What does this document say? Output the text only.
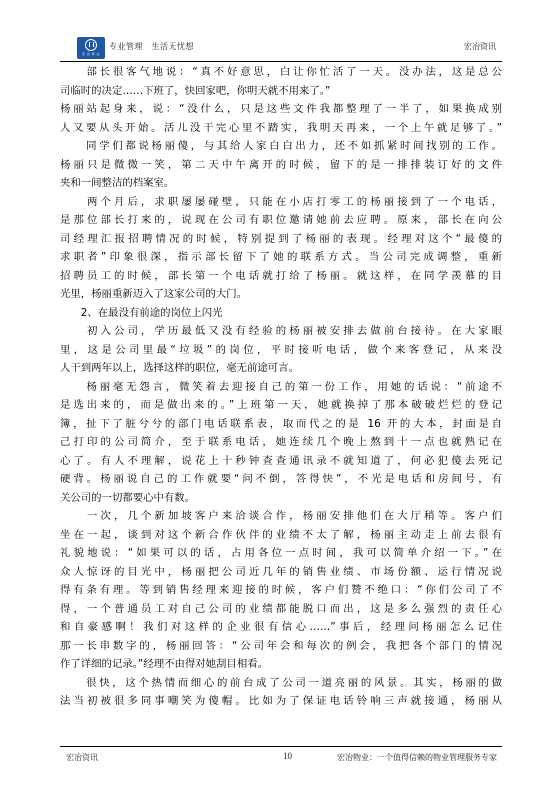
宏 冶 物 业
专业管理　生活无忧想	宏冶资讯
　　部长很客气地说：“真不好意思，白让你忙活了一天。没办法，这是总公
司临时的决定……下班了，快回家吧，你明天就不用来了。”
杨丽站起身来，说：“没什么，只是这些文件我都整理了一半了，如果换成别
人又要从头开始。活儿没干完心里不踏实，我明天再来，一个上午就足够了。”
　　同学们都说杨丽傻，与其给人家白白出力，还不如抓紧时间找别的工作。
杨丽只是微微一笑，第二天中午离开的时候，留下的是一排排装订好的文件
夹和一间整洁的档案室。
　　两个月后，求职屡屡碰壁，只能在小店打零工的杨丽接到了一个电话，
是那位部长打来的，说现在公司有职位邀请她前去应聘。原来，部长在向公
司经理汇报招聘情况的时候，特别提到了杨丽的表现。经理对这个“最傻的
求职者”印象很深，指示部长留下了她的联系方式。当公司完成调整，重新
招聘员工的时候，部长第一个电话就打给了杨丽。就这样，在同学羡慕的目
光里，杨丽重新迈入了这家公司的大门。
　　2、在最没有前途的岗位上闪光
　　初入公司，学历最低又没有经验的杨丽被安排去做前台接待。在大家眼
里，这是公司里最“垃圾”的岗位，平时接听电话，做个来客登记，从来没
人干到两年以上，选择这样的职位，毫无前途可言。
　　杨丽毫无怨言，微笑着去迎接自己的第一份工作，用她的话说：“前途不
是选出来的，而是做出来的。”上班第一天，她就换掉了那本破破烂烂的登记
簿，扯下了脏兮兮的部门电话联系表，取而代之的是 16 开的大本，封面是自
己打印的公司简介，至于联系电话，她连续几个晚上熬到十一点也就熟记在
心了。有人不理解，说花上十秒钟查查通讯录不就知道了，何必犯傻去死记
硬背。杨丽说自己的工作就要“问不倒，答得快”，不光是电话和房间号，有
关公司的一切都要心中有数。
　　一次，几个新加坡客户来洽谈合作，杨丽安排他们在大厅稍等。客户们
坐在一起，谈到对这个新合作伙伴的业绩不太了解，杨丽主动走上前去很有
礼貌地说：“如果可以的话，占用各位一点时间，我可以简单介绍一下。”在
众人惊讶的目光中，杨丽把公司近几年的销售业绩、市场份额、运行情况说
得有条有理。等到销售经理来迎接的时候，客户们赞不绝口：“你们公司了不
得，一个普通员工对自己公司的业绩都能脱口而出，这是多么强烈的责任心
和自豪感啊！我们对这样的企业很有信心……”事后，经理问杨丽怎么记住
那一长串数字的，杨丽回答：“公司年会和每次的例会，我把各个部门的情况
作了详细的记录。”经理不由得对她刮目相看。
　　很快，这个热情而细心的前台成了公司一道亮丽的风景。其实，杨丽的做
法当初被很多同事嘲笑为傻帽。比如为了保证电话铃响三声就接通，杨丽从
宏冶资讯	10	宏冶物业：一个值得信赖的物业管理服务专家
